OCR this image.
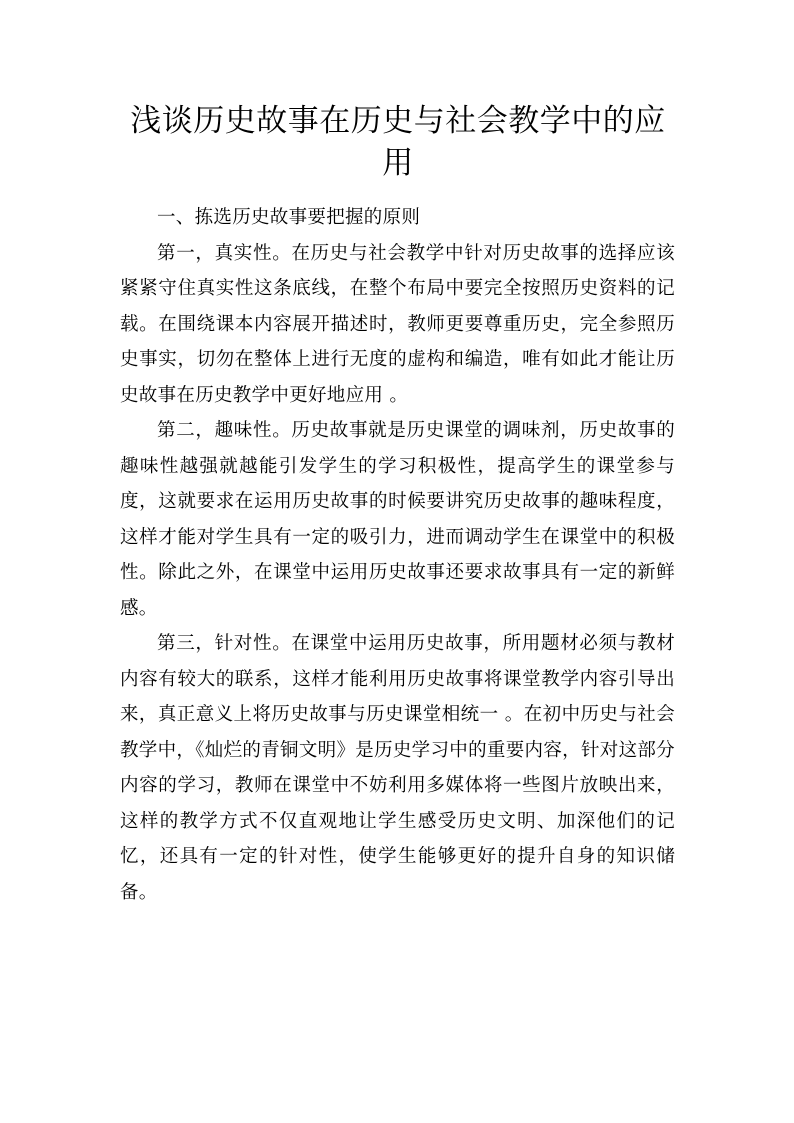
浅谈历史故事在历史与社会教学中的应用

一、拣选历史故事要把握的原则

第一，真实性。在历史与社会教学中针对历史故事的选择应该紧紧守住真实性这条底线，在整个布局中要完全按照历史资料的记载。在围绕课本内容展开描述时，教师更要尊重历史，完全参照历史事实，切勿在整体上进行无度的虚构和编造，唯有如此才能让历史故事在历史教学中更好地应用 。

第二，趣味性。历史故事就是历史课堂的调味剂，历史故事的趣味性越强就越能引发学生的学习积极性，提高学生的课堂参与度，这就要求在运用历史故事的时候要讲究历史故事的趣味程度，这样才能对学生具有一定的吸引力，进而调动学生在课堂中的积极性。除此之外，在课堂中运用历史故事还要求故事具有一定的新鲜感。

第三，针对性。在课堂中运用历史故事，所用题材必须与教材内容有较大的联系，这样才能利用历史故事将课堂教学内容引导出来，真正意义上将历史故事与历史课堂相统一 。在初中历史与社会教学中，《灿烂的青铜文明》是历史学习中的重要内容，针对这部分内容的学习，教师在课堂中不妨利用多媒体将一些图片放映出来，这样的教学方式不仅直观地让学生感受历史文明、加深他们的记忆，还具有一定的针对性，使学生能够更好的提升自身的知识储备。
